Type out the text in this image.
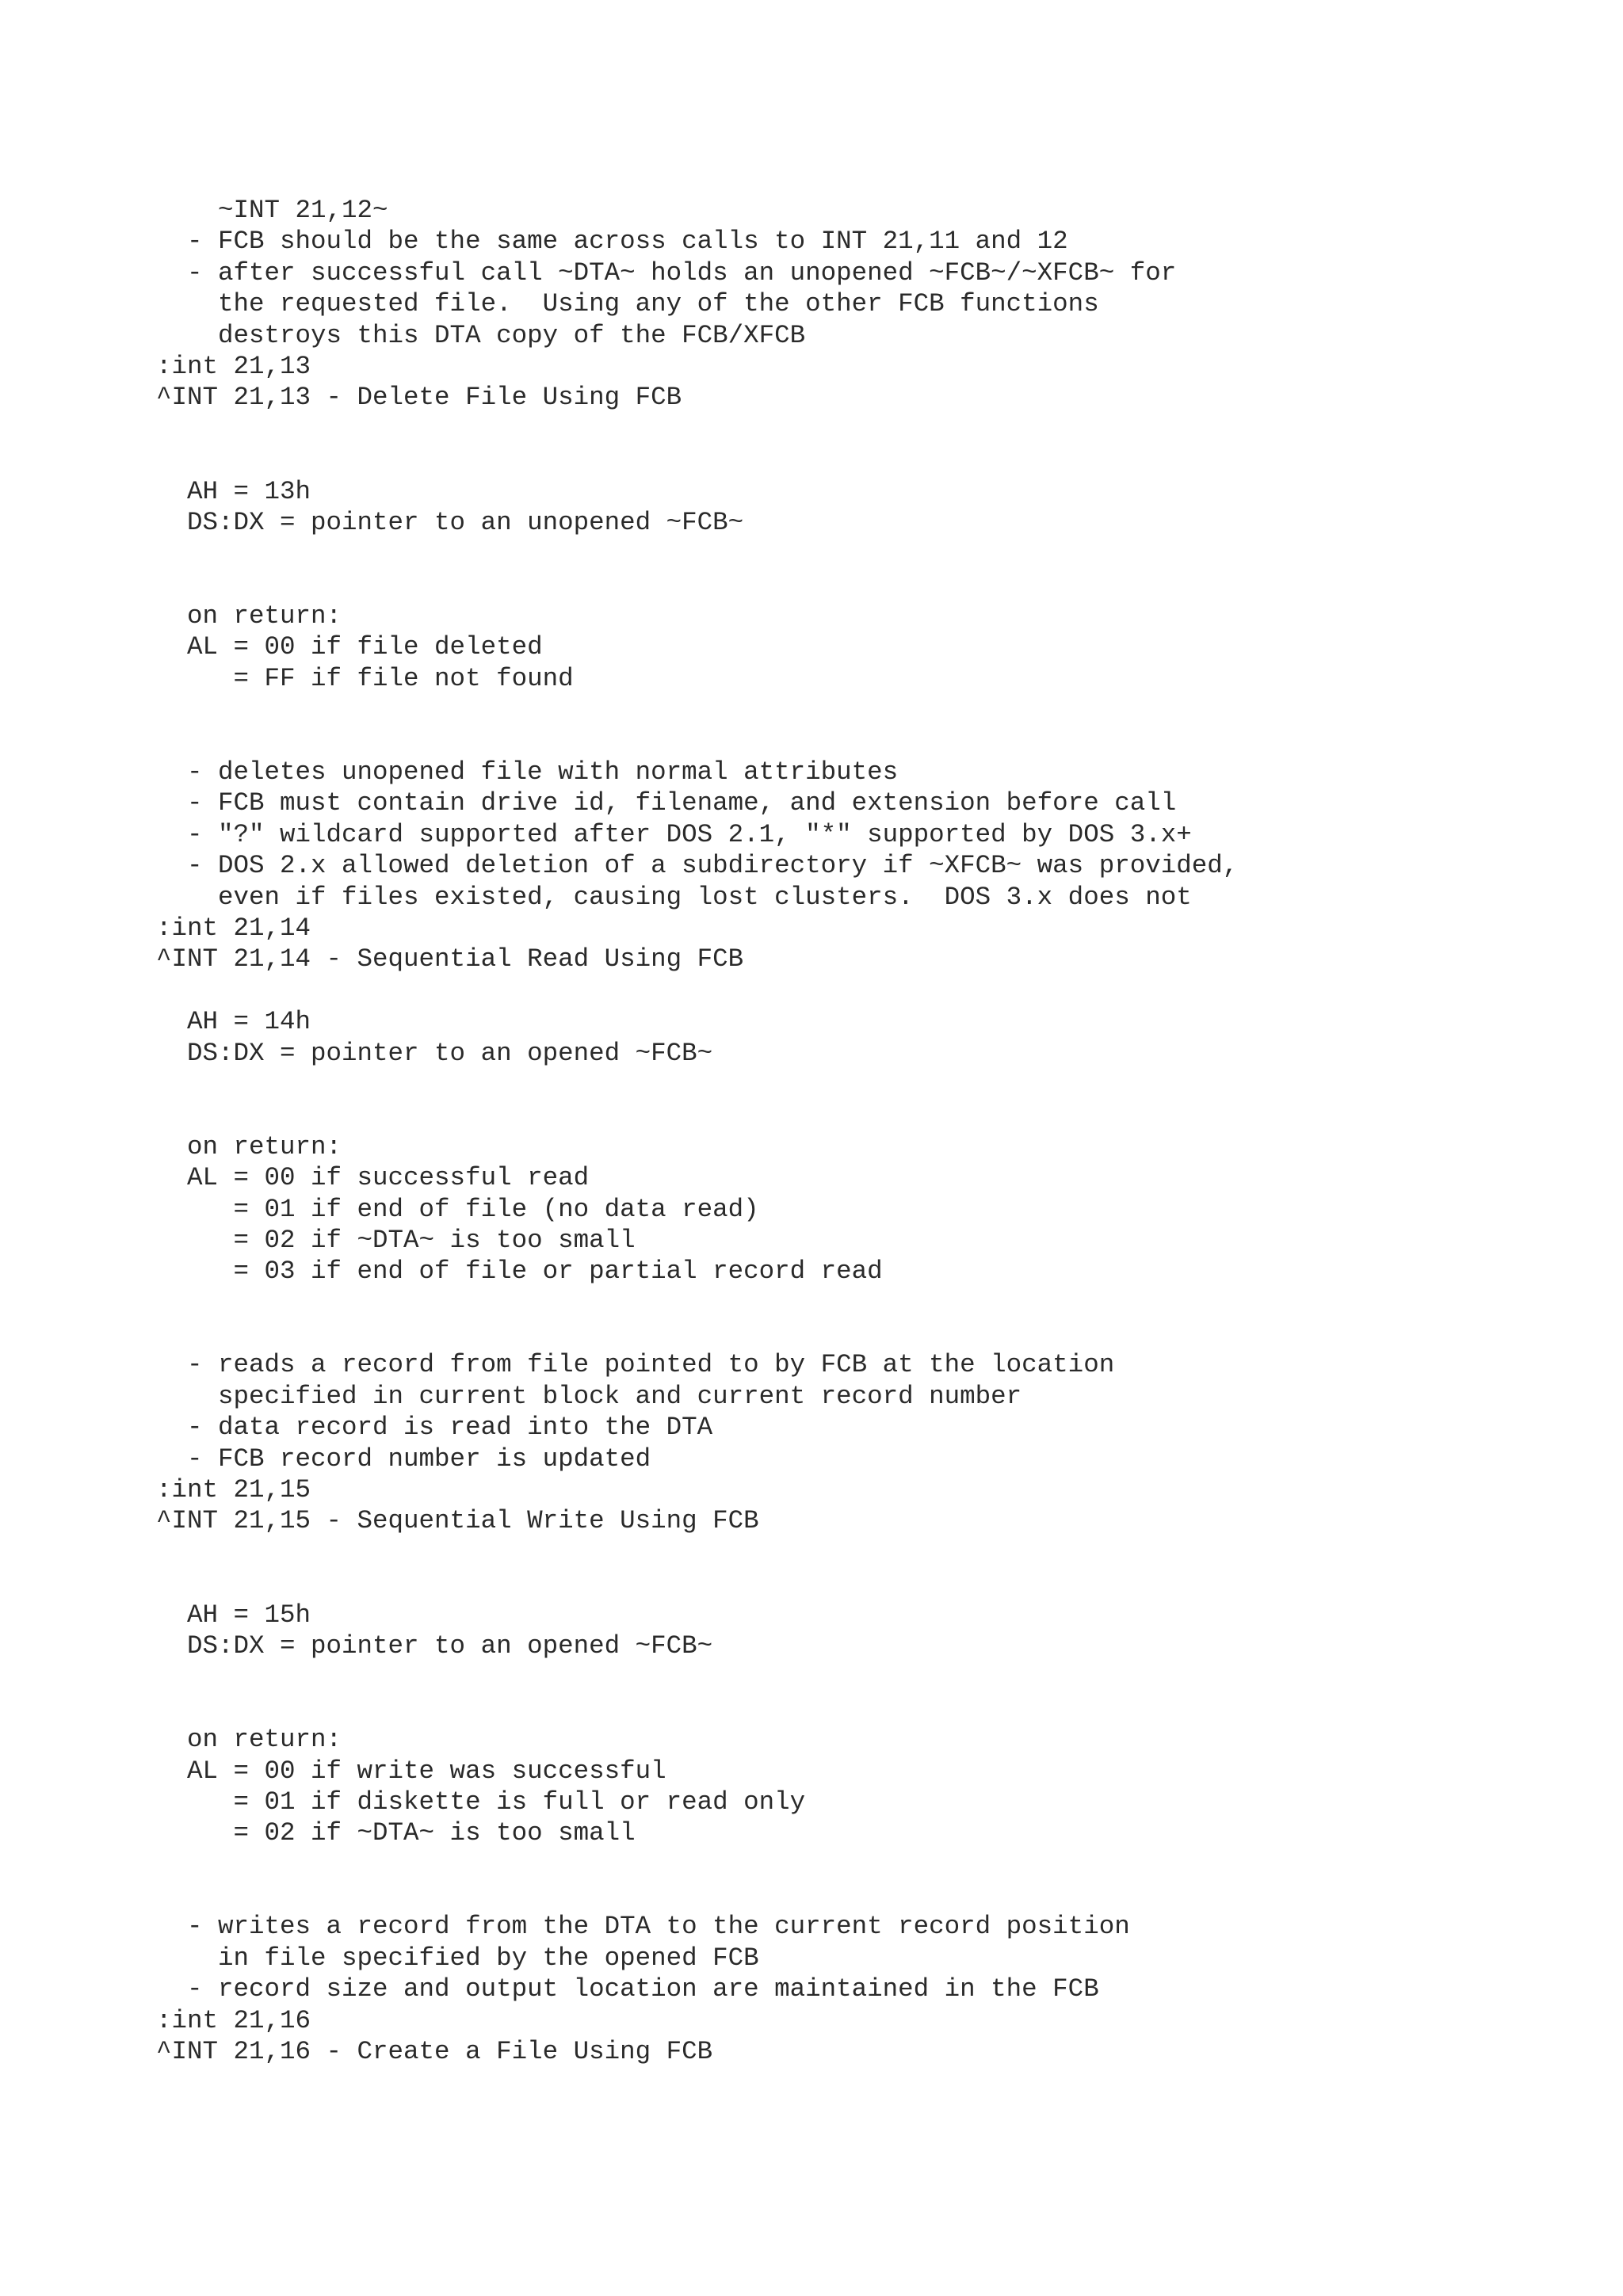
~INT 21,12~
- FCB should be the same across calls to INT 21,11 and 12
- after successful call ~DTA~ holds an unopened ~FCB~/~XFCB~ for
the requested file.  Using any of the other FCB functions
destroys this DTA copy of the FCB/XFCB
:int 21,13
^INT 21,13 - Delete File Using FCB
AH = 13h
DS:DX = pointer to an unopened ~FCB~
on return:
AL = 00 if file deleted
= FF if file not found
- deletes unopened file with normal attributes
- FCB must contain drive id, filename, and extension before call
- "?" wildcard supported after DOS 2.1, "*" supported by DOS 3.x+
- DOS 2.x allowed deletion of a subdirectory if ~XFCB~ was provided,
even if files existed, causing lost clusters.  DOS 3.x does not
:int 21,14
^INT 21,14 - Sequential Read Using FCB
AH = 14h
DS:DX = pointer to an opened ~FCB~
on return:
AL = 00 if successful read
= 01 if end of file (no data read)
= 02 if ~DTA~ is too small
= 03 if end of file or partial record read
- reads a record from file pointed to by FCB at the location
specified in current block and current record number
- data record is read into the DTA
- FCB record number is updated
:int 21,15
^INT 21,15 - Sequential Write Using FCB
AH = 15h
DS:DX = pointer to an opened ~FCB~
on return:
AL = 00 if write was successful
= 01 if diskette is full or read only
= 02 if ~DTA~ is too small
- writes a record from the DTA to the current record position
in file specified by the opened FCB
- record size and output location are maintained in the FCB
:int 21,16
^INT 21,16 - Create a File Using FCB
